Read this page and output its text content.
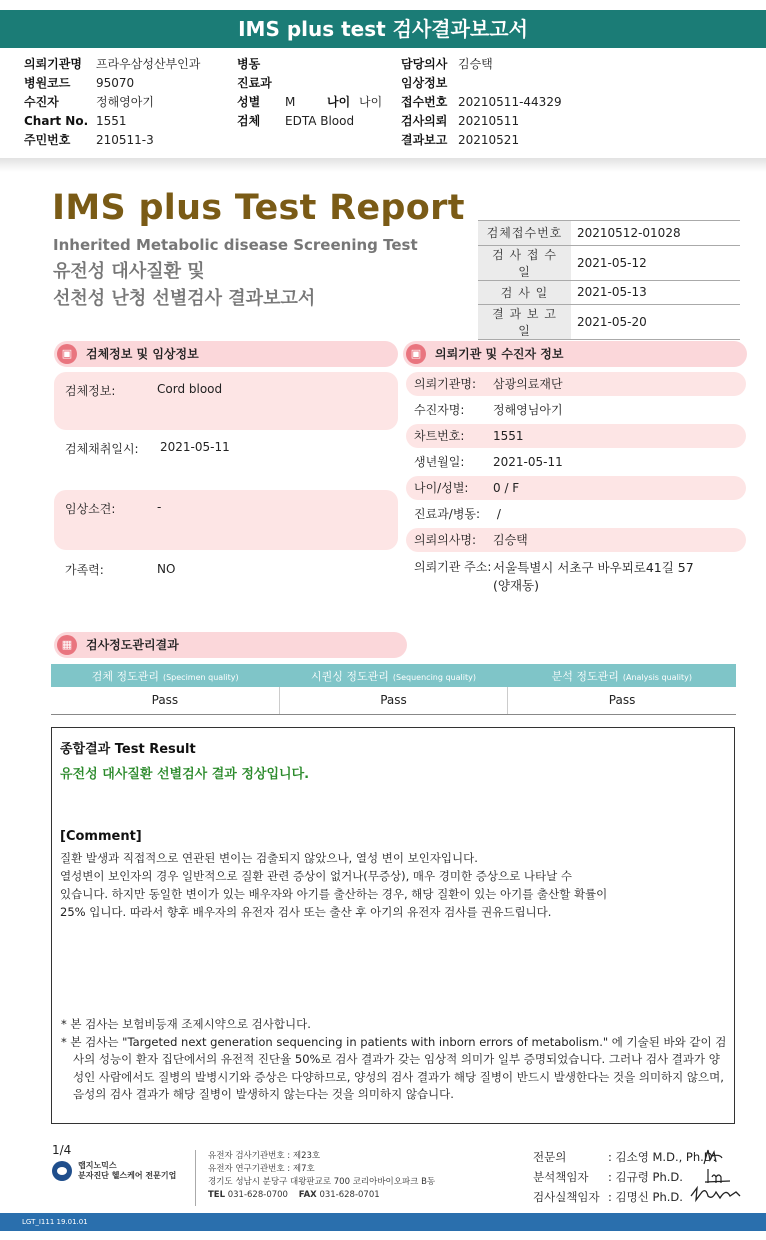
IMS plus test 검사결과보고서
의뢰기관명	프라우삼성산부인과
병원코드	95070
수진자	정해영아기
Chart No. 1551
주민번호	210511-3
병동
진료과
성별	M	나이 나이
검체	EDTA Blood
담당의사 김승택
임상정보
접수번호 20210511-44329
검사의뢰 20210511
결과보고 20210521
IMS plus Test Report
Inherited Metabolic disease Screening Test
유전성 대사질환 및
선천성 난청 선별검사 결과보고서
검체접수번호	20210512-01028
검 사 접 수 일	2021-05-12
검 사 일	2021-05-13
결 과 보 고 일	2021-05-20
▣	검체정보 및 임상정보
검체정보:	Cord blood
검체채취일시: 2021-05-11
임상소견:	-
가족력:	NO
▣	의뢰기관 및 수진자 정보
의뢰기관명: 삼광의료재단
수진자명: 정해영님아기
차트번호: 1551
생년월일: 2021-05-11
나이/성별: 0 / F
진료과/병동: /
의뢰의사명: 김승택
의뢰기관 주소: 서울특별시 서초구 바우뫼로41길 57
(양재동)
▦	검사정도관리결과
검체 정도관리 (Specimen quality)	시퀀싱 정도관리 (Sequencing quality)	분석 정도관리 (Analysis quality)
Pass	Pass	Pass
종합결과 Test Result
유전성 대사질환 선별검사 결과 정상입니다.
[Comment]
질환 발생과 직접적으로 연관된 변이는 검출되지 않았으나, 열성 변이 보인자입니다.
열성변이 보인자의 경우 일반적으로 질환 관련 증상이 없거나(무증상), 매우 경미한 증상으로 나타날 수
있습니다. 하지만 동일한 변이가 있는 배우자와 아기를 출산하는 경우, 해당 질환이 있는 아기를 출산할 확률이
25% 입니다. 따라서 향후 배우자의 유전자 검사 또는 출산 후 아기의 유전자 검사를 권유드립니다.
* 본 검사는 보험비등재 조제시약으로 검사합니다.
* 본 검사는 "Targeted next generation sequencing in patients with inborn errors of metabolism." 에 기술된 바와 같이 검사의 성능이 환자 집단에서의 유전적 진단율 50%로 검사 결과가 갖는 임상적 의미가 일부 증명되었습니다. 그러나 검사 결과가 양성인 사람에서도 질병의 발병시기와 증상은 다양하므로, 양성의 검사 결과가 해당 질병이 반드시 발생한다는 것을 의미하지 않으며, 음성의 검사 결과가 해당 질병이 발생하지 않는다는 것을 의미하지 않습니다.
1/4
랩지노믹스
분자진단 헬스케어 전문기업
유전자 검사기관번호 : 제23호
유전자 연구기관번호 : 제7호
경기도 성남시 분당구 대왕판교로 700 코리아바이오파크 B동
TEL 031-628-0700 FAX 031-628-0701
전문의	: 김소영 M.D., Ph.D.
분석책임자	: 김규령 Ph.D.
검사실책임자 : 김명신 Ph.D.
LGT_I111 19.01.01
